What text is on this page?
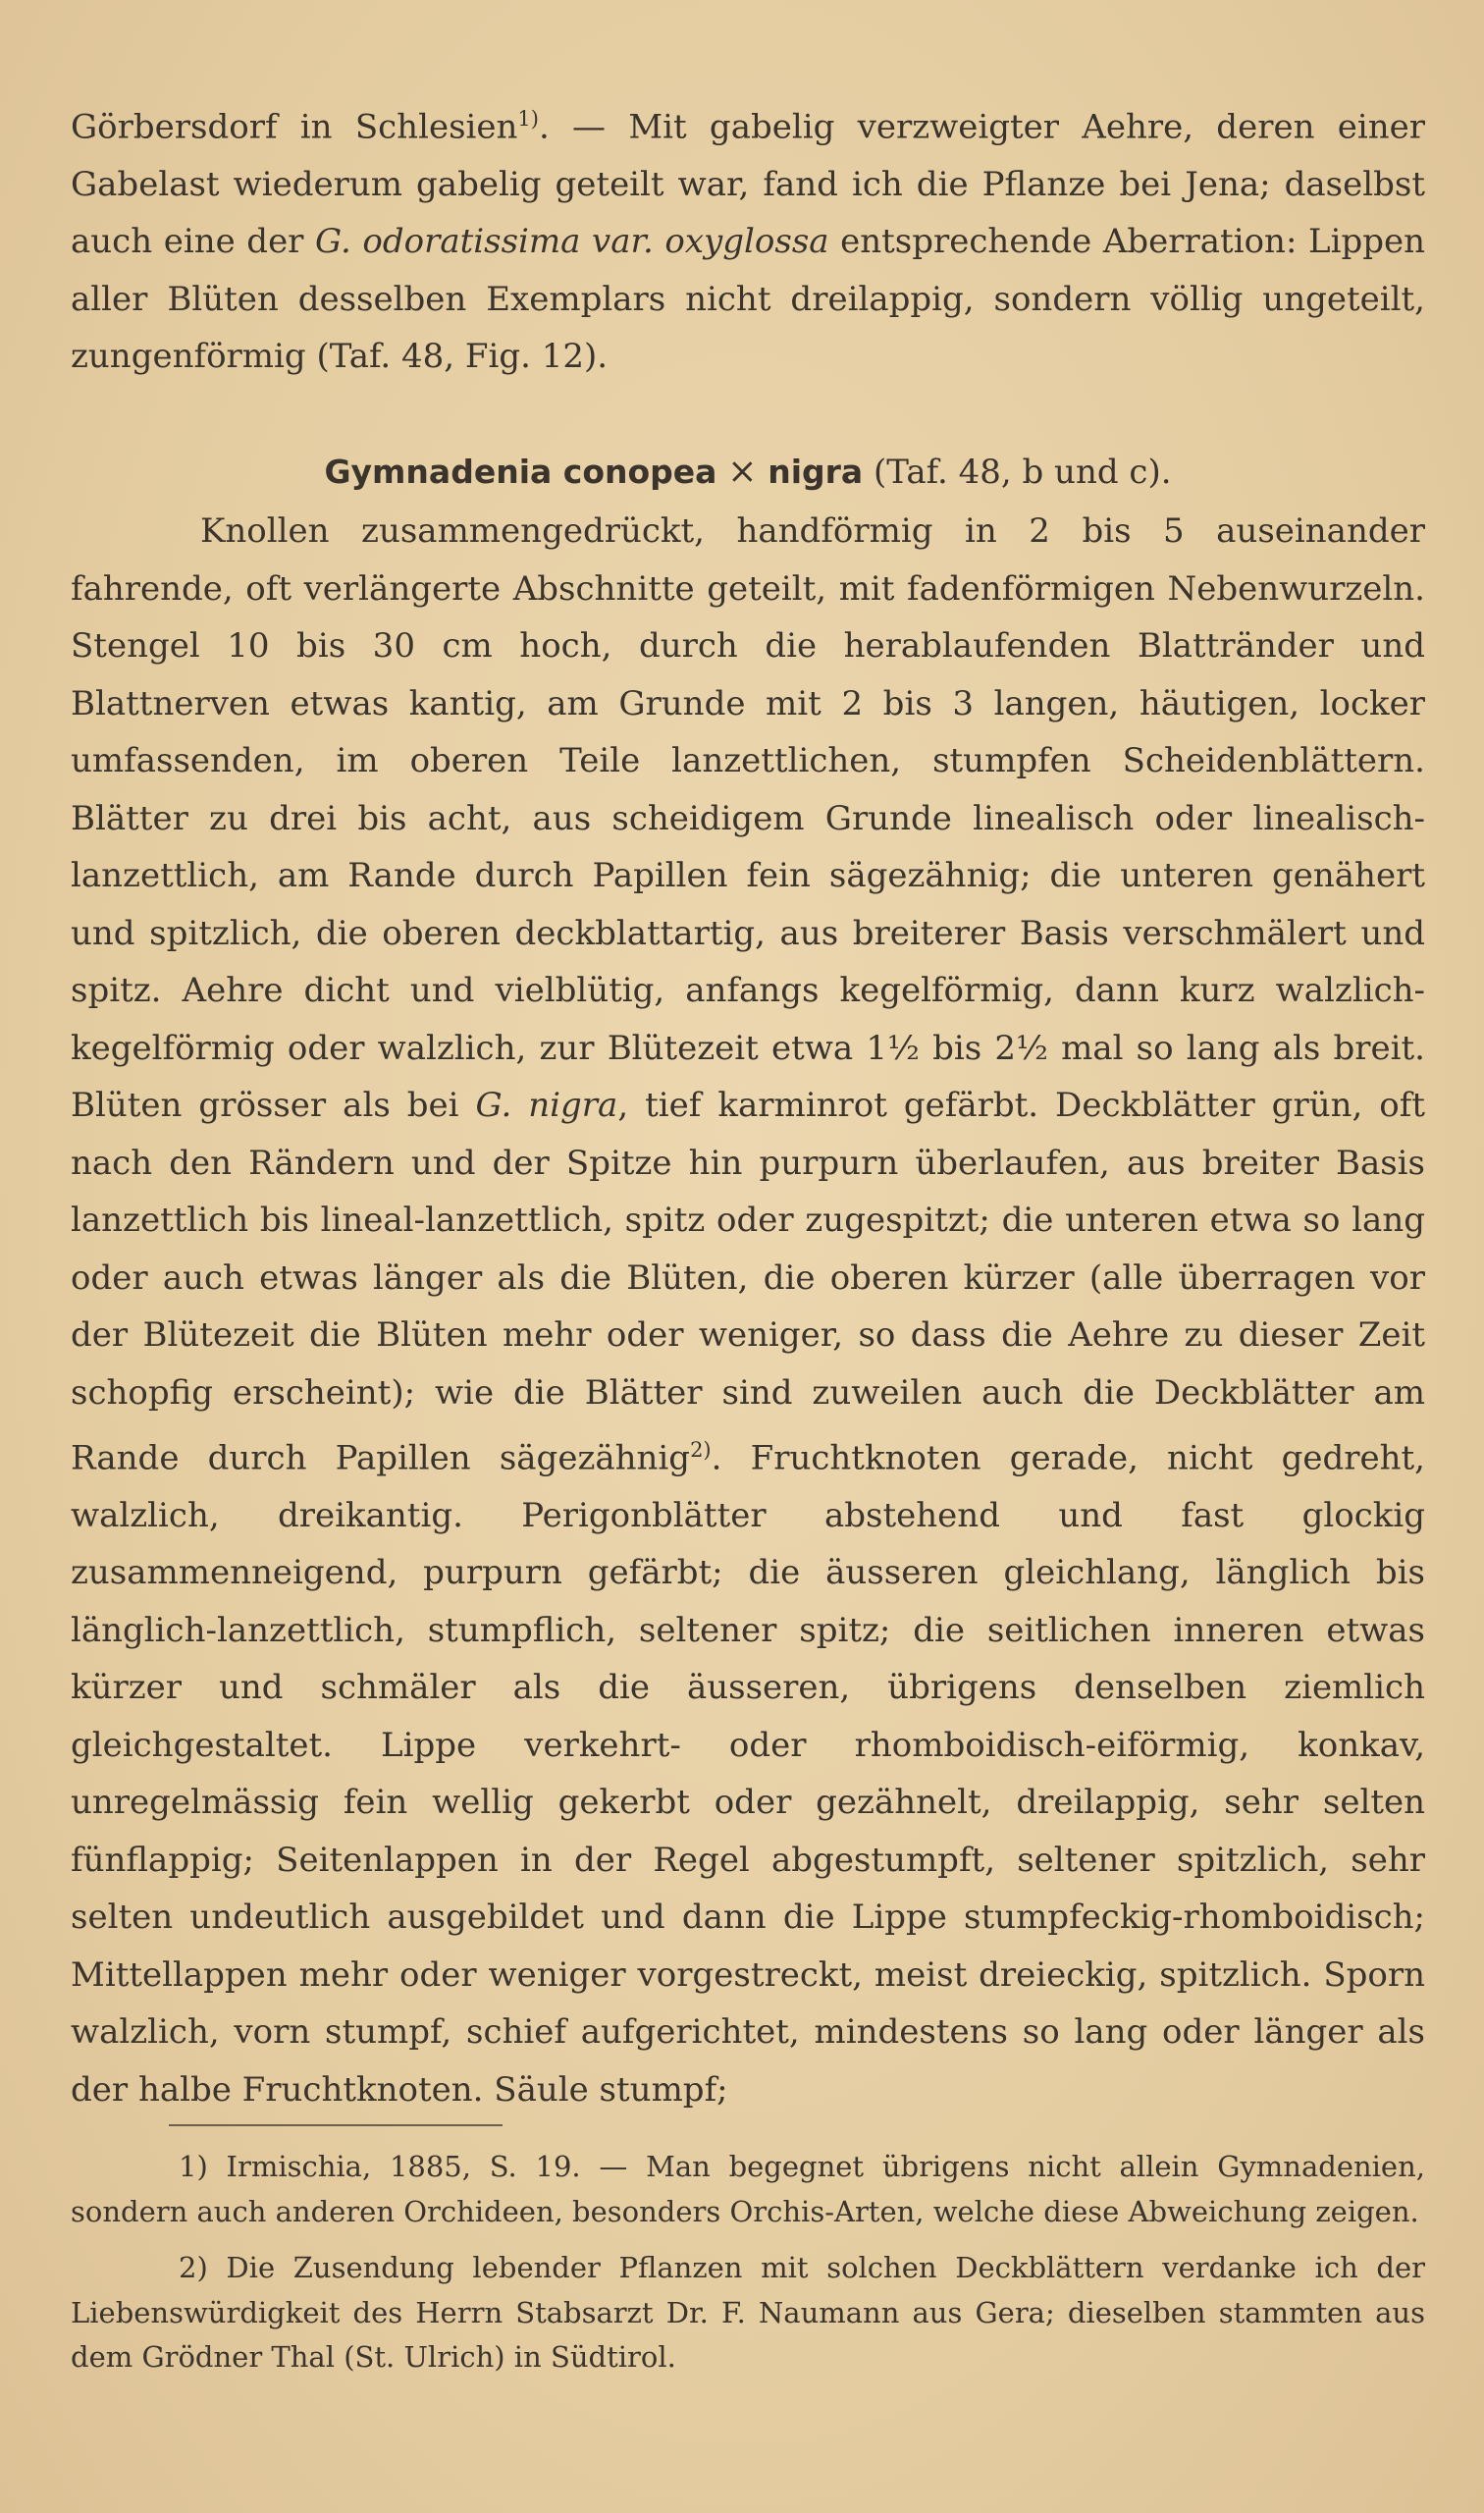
Görbersdorf in Schlesien$^{1)}$. — Mit gabelig verzweigter Aehre, deren einer Gabelast wiederum gabelig geteilt war, fand ich die Pflanze bei Jena; daselbst auch eine der G. odoratissima var. oxyglossa entsprechende Aberration: Lippen aller Blüten desselben Exemplars nicht dreilappig, sondern völlig ungeteilt, zungenförmig (Taf. 48, Fig. 12).

Gymnadenia conopea × nigra (Taf. 48, b und c).

Knollen zusammengedrückt, handförmig in 2 bis 5 auseinander fahrende, oft verlängerte Abschnitte geteilt, mit fadenförmigen Nebenwurzeln. Stengel 10 bis 30 cm hoch, durch die herablaufenden Blattränder und Blattnerven etwas kantig, am Grunde mit 2 bis 3 langen, häutigen, locker umfassenden, im oberen Teile lanzettlichen, stumpfen Scheidenblättern. Blätter zu drei bis acht, aus scheidigem Grunde linealisch oder linealisch-lanzettlich, am Rande durch Papillen fein sägezähnig; die unteren genähert und spitzlich, die oberen deckblattartig, aus breiterer Basis verschmälert und spitz. Aehre dicht und vielblütig, anfangs kegelförmig, dann kurz walzlich-kegelförmig oder walzlich, zur Blütezeit etwa 1½ bis 2½ mal so lang als breit. Blüten grösser als bei G. nigra, tief karminrot gefärbt. Deckblätter grün, oft nach den Rändern und der Spitze hin purpurn überlaufen, aus breiter Basis lanzettlich bis lineal-lanzettlich, spitz oder zugespitzt; die unteren etwa so lang oder auch etwas länger als die Blüten, die oberen kürzer (alle überragen vor der Blütezeit die Blüten mehr oder weniger, so dass die Aehre zu dieser Zeit schopfig erscheint); wie die Blätter sind zuweilen auch die Deckblätter am Rande durch Papillen sägezähnig$^{2)}$. Fruchtknoten gerade, nicht gedreht, walzlich, dreikantig. Perigonblätter abstehend und fast glockig zusammenneigend, purpurn gefärbt; die äusseren gleichlang, länglich bis länglich-lanzettlich, stumpflich, seltener spitz; die seitlichen inneren etwas kürzer und schmäler als die äusseren, übrigens denselben ziemlich gleichgestaltet. Lippe verkehrt- oder rhomboidisch-eiförmig, konkav, unregelmässig fein wellig gekerbt oder gezähnelt, dreilappig, sehr selten fünflappig; Seitenlappen in der Regel abgestumpft, seltener spitzlich, sehr selten undeutlich ausgebildet und dann die Lippe stumpfeckig-rhomboidisch; Mittellappen mehr oder weniger vorgestreckt, meist dreieckig, spitzlich. Sporn walzlich, vorn stumpf, schief aufgerichtet, mindestens so lang oder länger als der halbe Fruchtknoten. Säule stumpf;

1) Irmischia, 1885, S. 19. — Man begegnet übrigens nicht allein Gymnadenien, sondern auch anderen Orchideen, besonders Orchis-Arten, welche diese Abweichung zeigen.

2) Die Zusendung lebender Pflanzen mit solchen Deckblättern verdanke ich der Liebenswürdigkeit des Herrn Stabsarzt Dr. F. Naumann aus Gera; dieselben stammten aus dem Grödner Thal (St. Ulrich) in Südtirol.
